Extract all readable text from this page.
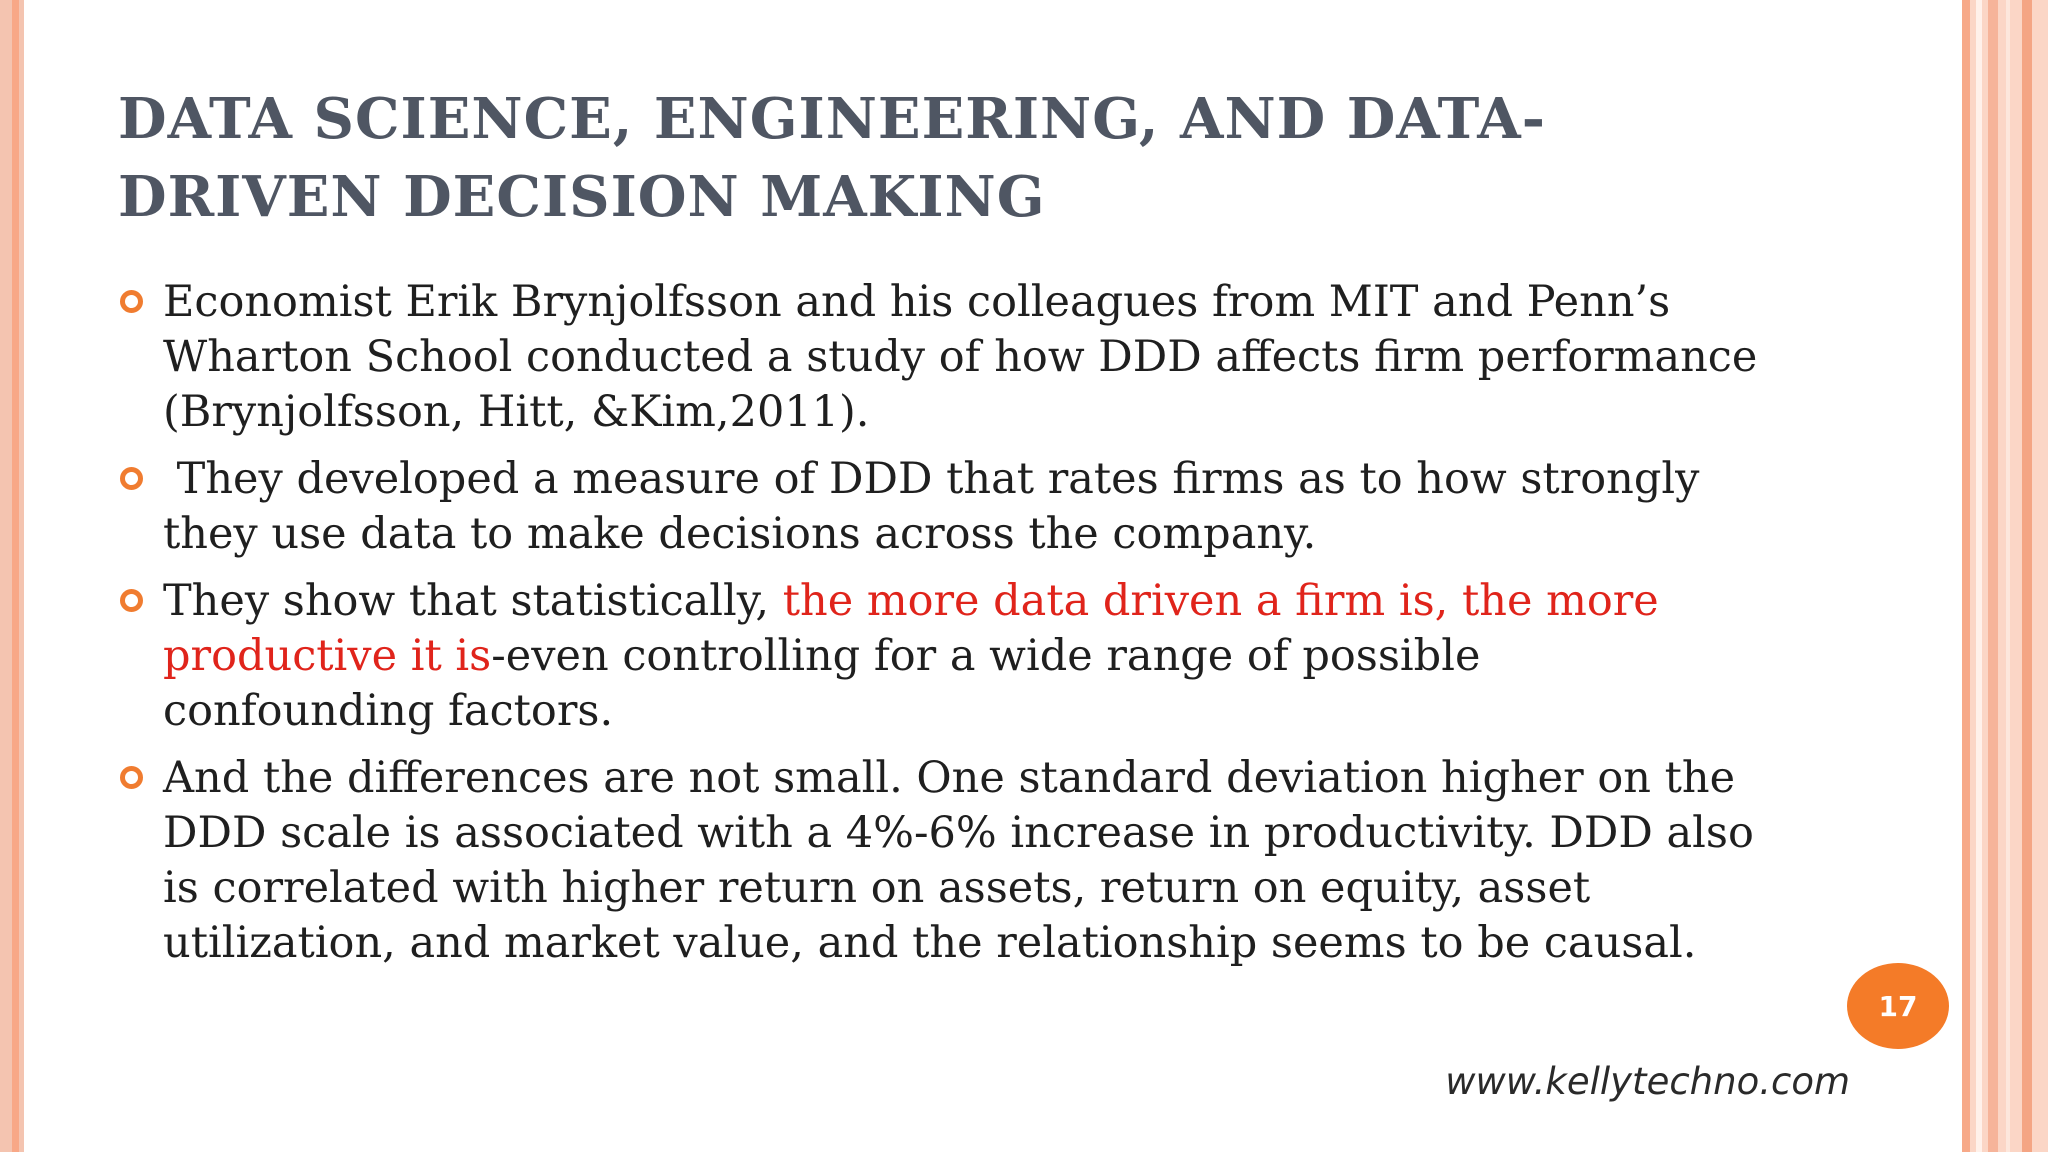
DATA SCIENCE, ENGINEERING, AND DATA-DRIVEN DECISION MAKING
Economist Erik Brynjolfsson and his colleagues from MIT and Penn’s Wharton School conducted a study of how DDD affects firm performance (Brynjolfsson, Hitt, &Kim,2011).
They developed a measure of DDD that rates firms as to how strongly they use data to make decisions across the company.
They show that statistically, the more data driven a firm is, the more productive it is-even controlling for a wide range of possible confounding factors.
And the differences are not small. One standard deviation higher on the DDD scale is associated with a 4%-6% increase in productivity. DDD also is correlated with higher return on assets, return on equity, asset utilization, and market value, and the relationship seems to be causal.
17
www.kellytechno.com
